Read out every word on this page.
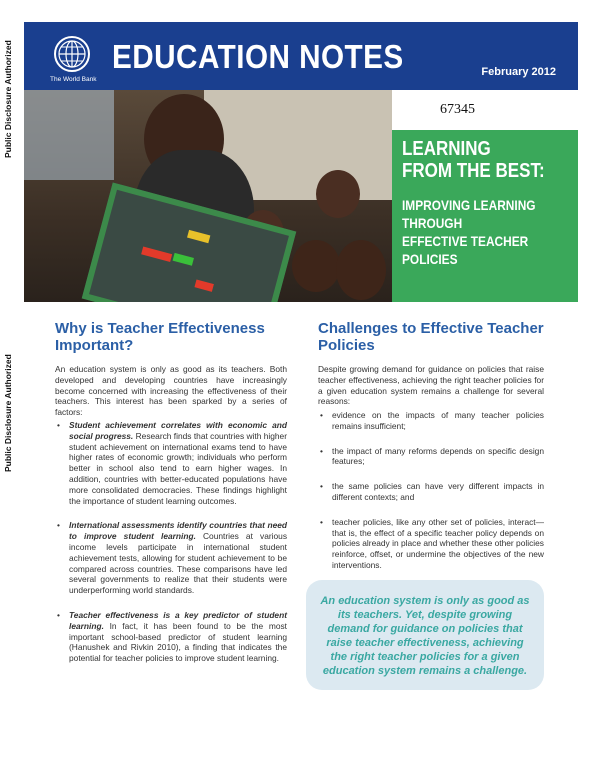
Public Disclosure Authorized
Public Disclosure Authorized
The World Bank
EDUCATION NOTES	February 2012
67345
LEARNING
FROM THE BEST:
IMPROVING LEARNING
THROUGH
EFFECTIVE TEACHER
POLICIES
Why is Teacher Effectiveness Important?
An education system is only as good as its teachers. Both developed and developing countries have increasingly become concerned with increasing the effectiveness of their teachers. This interest has been sparked by a series of factors:
• Student achievement correlates with economic and social progress. Research finds that countries with higher student achievement on international exams tend to have higher rates of economic growth; individuals who perform better in school also tend to earn higher wages. In addition, countries with better-educated populations have more consolidated democracies. These findings highlight the importance of student learning outcomes.
• International assessments identify countries that need to improve student learning. Countries at various income levels participate in international student achievement tests, allowing for student achievement to be compared across countries. These comparisons have led several governments to realize that their students were underperforming world standards.
• Teacher effectiveness is a key predictor of student learning. In fact, it has been found to be the most important school-based predictor of student learning (Hanushek and Rivkin 2010), a finding that indicates the potential for teacher policies to improve student learning.
Challenges to Effective Teacher Policies
Despite growing demand for guidance on policies that raise teacher effectiveness, achieving the right teacher policies for a given education system remains a challenge for several reasons:
• evidence on the impacts of many teacher policies remains insufficient;
• the impact of many reforms depends on specific design features;
• the same policies can have very different impacts in different contexts; and
• teacher policies, like any other set of policies, interact—that is, the effect of a specific teacher policy depends on policies already in place and whether these other policies reinforce, offset, or undermine the objectives of the new interventions.

An education system is only as good as its teachers. Yet, despite growing demand for guidance on policies that raise teacher effectiveness, achieving the right teacher policies for a given education system remains a challenge.
